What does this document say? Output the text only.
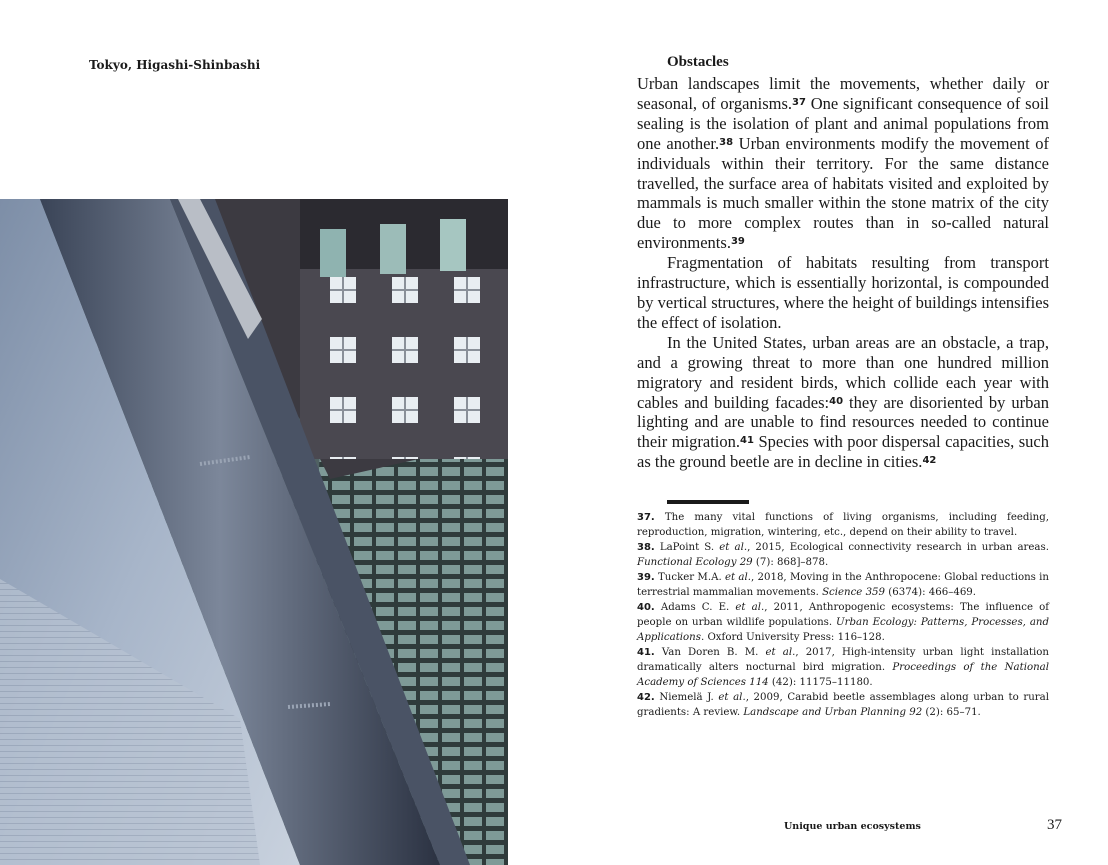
Tokyo, Higashi-Shinbashi	Obstacles

Urban landscapes limit the movements, whether daily or seasonal, of organisms.$^{37}$ One significant consequence of soil sealing is the isolation of plant and animal populations from one another.$^{38}$ Urban environments modify the movement of individuals within their territory. For the same distance travelled, the surface area of habitats visited and exploited by mammals is much smaller within the stone matrix of the city due to more complex routes than in so-called natural environments.$^{39}$

Fragmentation of habitats resulting from transport infrastructure, which is essentially horizontal, is compounded by vertical structures, where the height of buildings intensifies the effect of isolation.

In the United States, urban areas are an obstacle, a trap, and a growing threat to more than one hundred million migratory and resident birds, which collide each year with cables and building facades:$^{40}$ they are disoriented by urban lighting and are unable to find resources needed to continue their migration.$^{41}$ Species with poor dispersal capacities, such as the ground beetle are in decline in cities.$^{42}$

37. The many vital functions of living organisms, including feeding, reproduction, migration, wintering, etc., depend on their ability to travel.

38. LaPoint S. et al., 2015, Ecological connectivity research in urban areas. Functional Ecology 29 (7): 868]–878.

39. Tucker M.A. et al., 2018, Moving in the Anthropocene: Global reductions in terrestrial mammalian movements. Science 359 (6374): 466–469.

40. Adams C. E. et al., 2011, Anthropogenic ecosystems: The influence of people on urban wildlife populations. Urban Ecology: Patterns, Processes, and Applications. Oxford University Press: 116–128.

41. Van Doren B. M. et al., 2017, High-intensity urban light installation dramatically alters nocturnal bird migration. Proceedings of the National Academy of Sciences 114 (42): 11175–11180.

42. Niemelä J. et al., 2009, Carabid beetle assemblages along urban to rural gradients: A review. Landscape and Urban Planning 92 (2): 65–71.

Unique urban ecosystems	37
